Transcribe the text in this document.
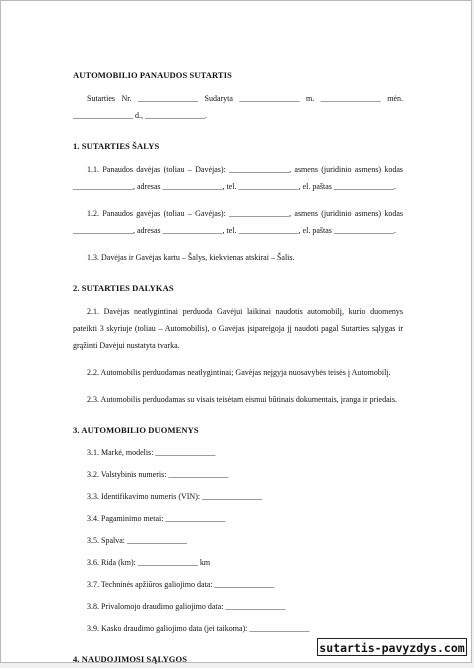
AUTOMOBILIO PANAUDOS SUTARTIS

Sutarties Nr. _______________ Sudaryta _______________ m. _______________ mėn. _______________ d., _______________.

1. SUTARTIES ŠALYS

1.1. Panaudos davėjas (toliau – Davėjas): _______________, asmens (juridinio asmens) kodas _______________, adresas _______________, tel. _______________, el. paštas _______________.

1.2. Panaudos gavėjas (toliau – Gavėjas): _______________, asmens (juridinio asmens) kodas _______________, adresas _______________, tel. _______________, el. paštas _______________.

1.3. Davėjas ir Gavėjas kartu – Šalys, kiekvienas atskirai – Šalis.

2. SUTARTIES DALYKAS

2.1. Davėjas neatlygintinai perduoda Gavėjui laikinai naudotis automobilį, kurio duomenys pateikti 3 skyriuje (toliau – Automobilis), o Gavėjas įsipareigoja jį naudoti pagal Sutarties sąlygas ir grąžinti Davėjui nustatyta tvarka.

2.2. Automobilis perduodamas neatlygintinai; Gavėjas neįgyja nuosavybės teisės į Automobilį.

2.3. Automobilis perduodamas su visais teisėtam eismui būtinais dokumentais, įranga ir priedais.

3. AUTOMOBILIO DUOMENYS

3.1. Markė, modelis: _______________

3.2. Valstybinis numeris: _______________

3.3. Identifikavimo numeris (VIN): _______________

3.4. Pagaminimo metai: _______________

3.5. Spalva: _______________

3.6. Rida (km): _______________ km

3.7. Techninės apžiūros galiojimo data: _______________

3.8. Privalomojo draudimo galiojimo data: _______________

3.9. Kasko draudimo galiojimo data (jei taikoma): _______________

4. NAUDOJIMOSI SĄLYGOS
sutartis-pavyzdys.com
